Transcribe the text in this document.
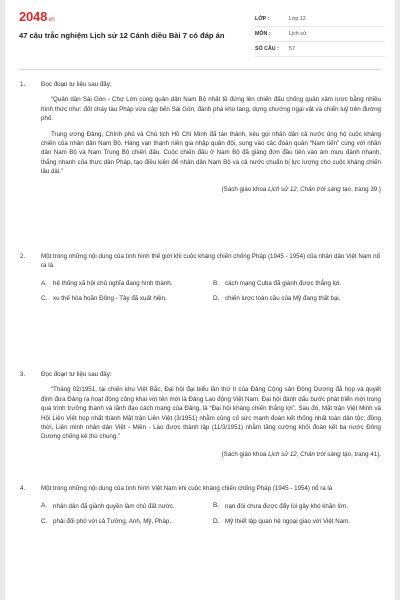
2048.vn
47 câu trắc nghiệm Lịch sử 12 Cánh diều Bài 7 có đáp án
LỚP :	Lớp 12
MÔN :	Lịch sử
SỐ CÂU :	57
1.	Đọc đoạn tư liệu sau đây:

“Quân dân Sài Gòn - Chợ Lớn cùng quân dân Nam Bộ nhất tề đứng lên chiến đấu chống quân xâm lược bằng nhiều hình thức như: đốt cháy tàu Pháp vừa cập bến Sài Gòn, đánh phá kho tàng, dựng chướng ngại vật và chiến luỹ trên đường phố.

Trung ương Đảng, Chính phủ và Chủ tịch Hồ Chí Minh đã tán thành, kêu gọi nhân dân cả nước ủng hộ cuộc kháng chiến của nhân dân Nam Bộ. Hàng vạn thanh niên gia nhập quân đội, sung vào các đoàn quân “Nam tiến” cùng với nhân dân Nam Bộ và Nam Trung Bộ chiến đấu. Cuộc chiến đấu ở Nam Bộ đã giàng đơn đầu tiên vào âm mưu đánh nhanh, thắng nhanh của thực dân Pháp, tạo điều kiện để nhân dân Nam Bộ và cả nước chuẩn bị lực lượng cho cuộc kháng chiến lâu dài.”

(Sách giáo khoa Lịch sử 12, Chân trời sáng tạo, trang 39.)
2.	Một trong những nội dung của tình hình thế giới khi cuộc kháng chiến chống Pháp (1945 - 1954) của nhân dân Việt Nam nổ ra là
A. hệ thống xã hội chủ nghĩa đang hình thành.	B. cách mạng Cuba đã giành được thắng lợi.
C. xu thế hòa hoãn Đông - Tây đã xuất hiện.	D. chiến lược toàn cầu của Mỹ đang thất bại.
3.	Đọc đoạn tư liệu sau đây:

“Tháng 02/1951, tại chiến khu Việt Bắc, Đại hội đại biểu lần thứ II của Đảng Cộng sản Đông Dương đã họp và quyết định đưa Đảng ra hoạt động công khai với tên mới là Đảng Lao động Việt Nam. Đại hội đánh dấu bước phát triển mới trong quá trình trưởng thành và lãnh đạo cách mạng của Đảng, là “Đại hội kháng chiến thắng lợi”. Sau đó, Mặt trận Việt Minh và Hội Liên Việt họp nhất thành Mặt trận Liên Việt (3/1951) nhằm củng cố sức mạnh đoàn kết thống nhất toàn dân tộc; đồng thời, Liên minh nhân dân Việt - Miên - Lào được thành lập (11/3/1951) nhằm tăng cường khối đoàn kết ba nước Đông Dương chống kẻ thù chung.”

(Sách giáo khoa Lịch sử 12, Chân trời sáng tạo, trang 41).
4.	Một trong những nội dung của tình hình Việt Nam khi cuộc kháng chiến chống Pháp (1945 - 1954) nổ ra là
A. nhân dân đã giành quyền làm chủ đất nước.	B. nạn đói chưa được đẩy lùi gây khó khăn lớn.
C. phải đối phó với cả Tưởng, Anh, Mỹ, Pháp.	D. Mỹ thiết lập quan hệ ngoại giao với Việt Nam.
